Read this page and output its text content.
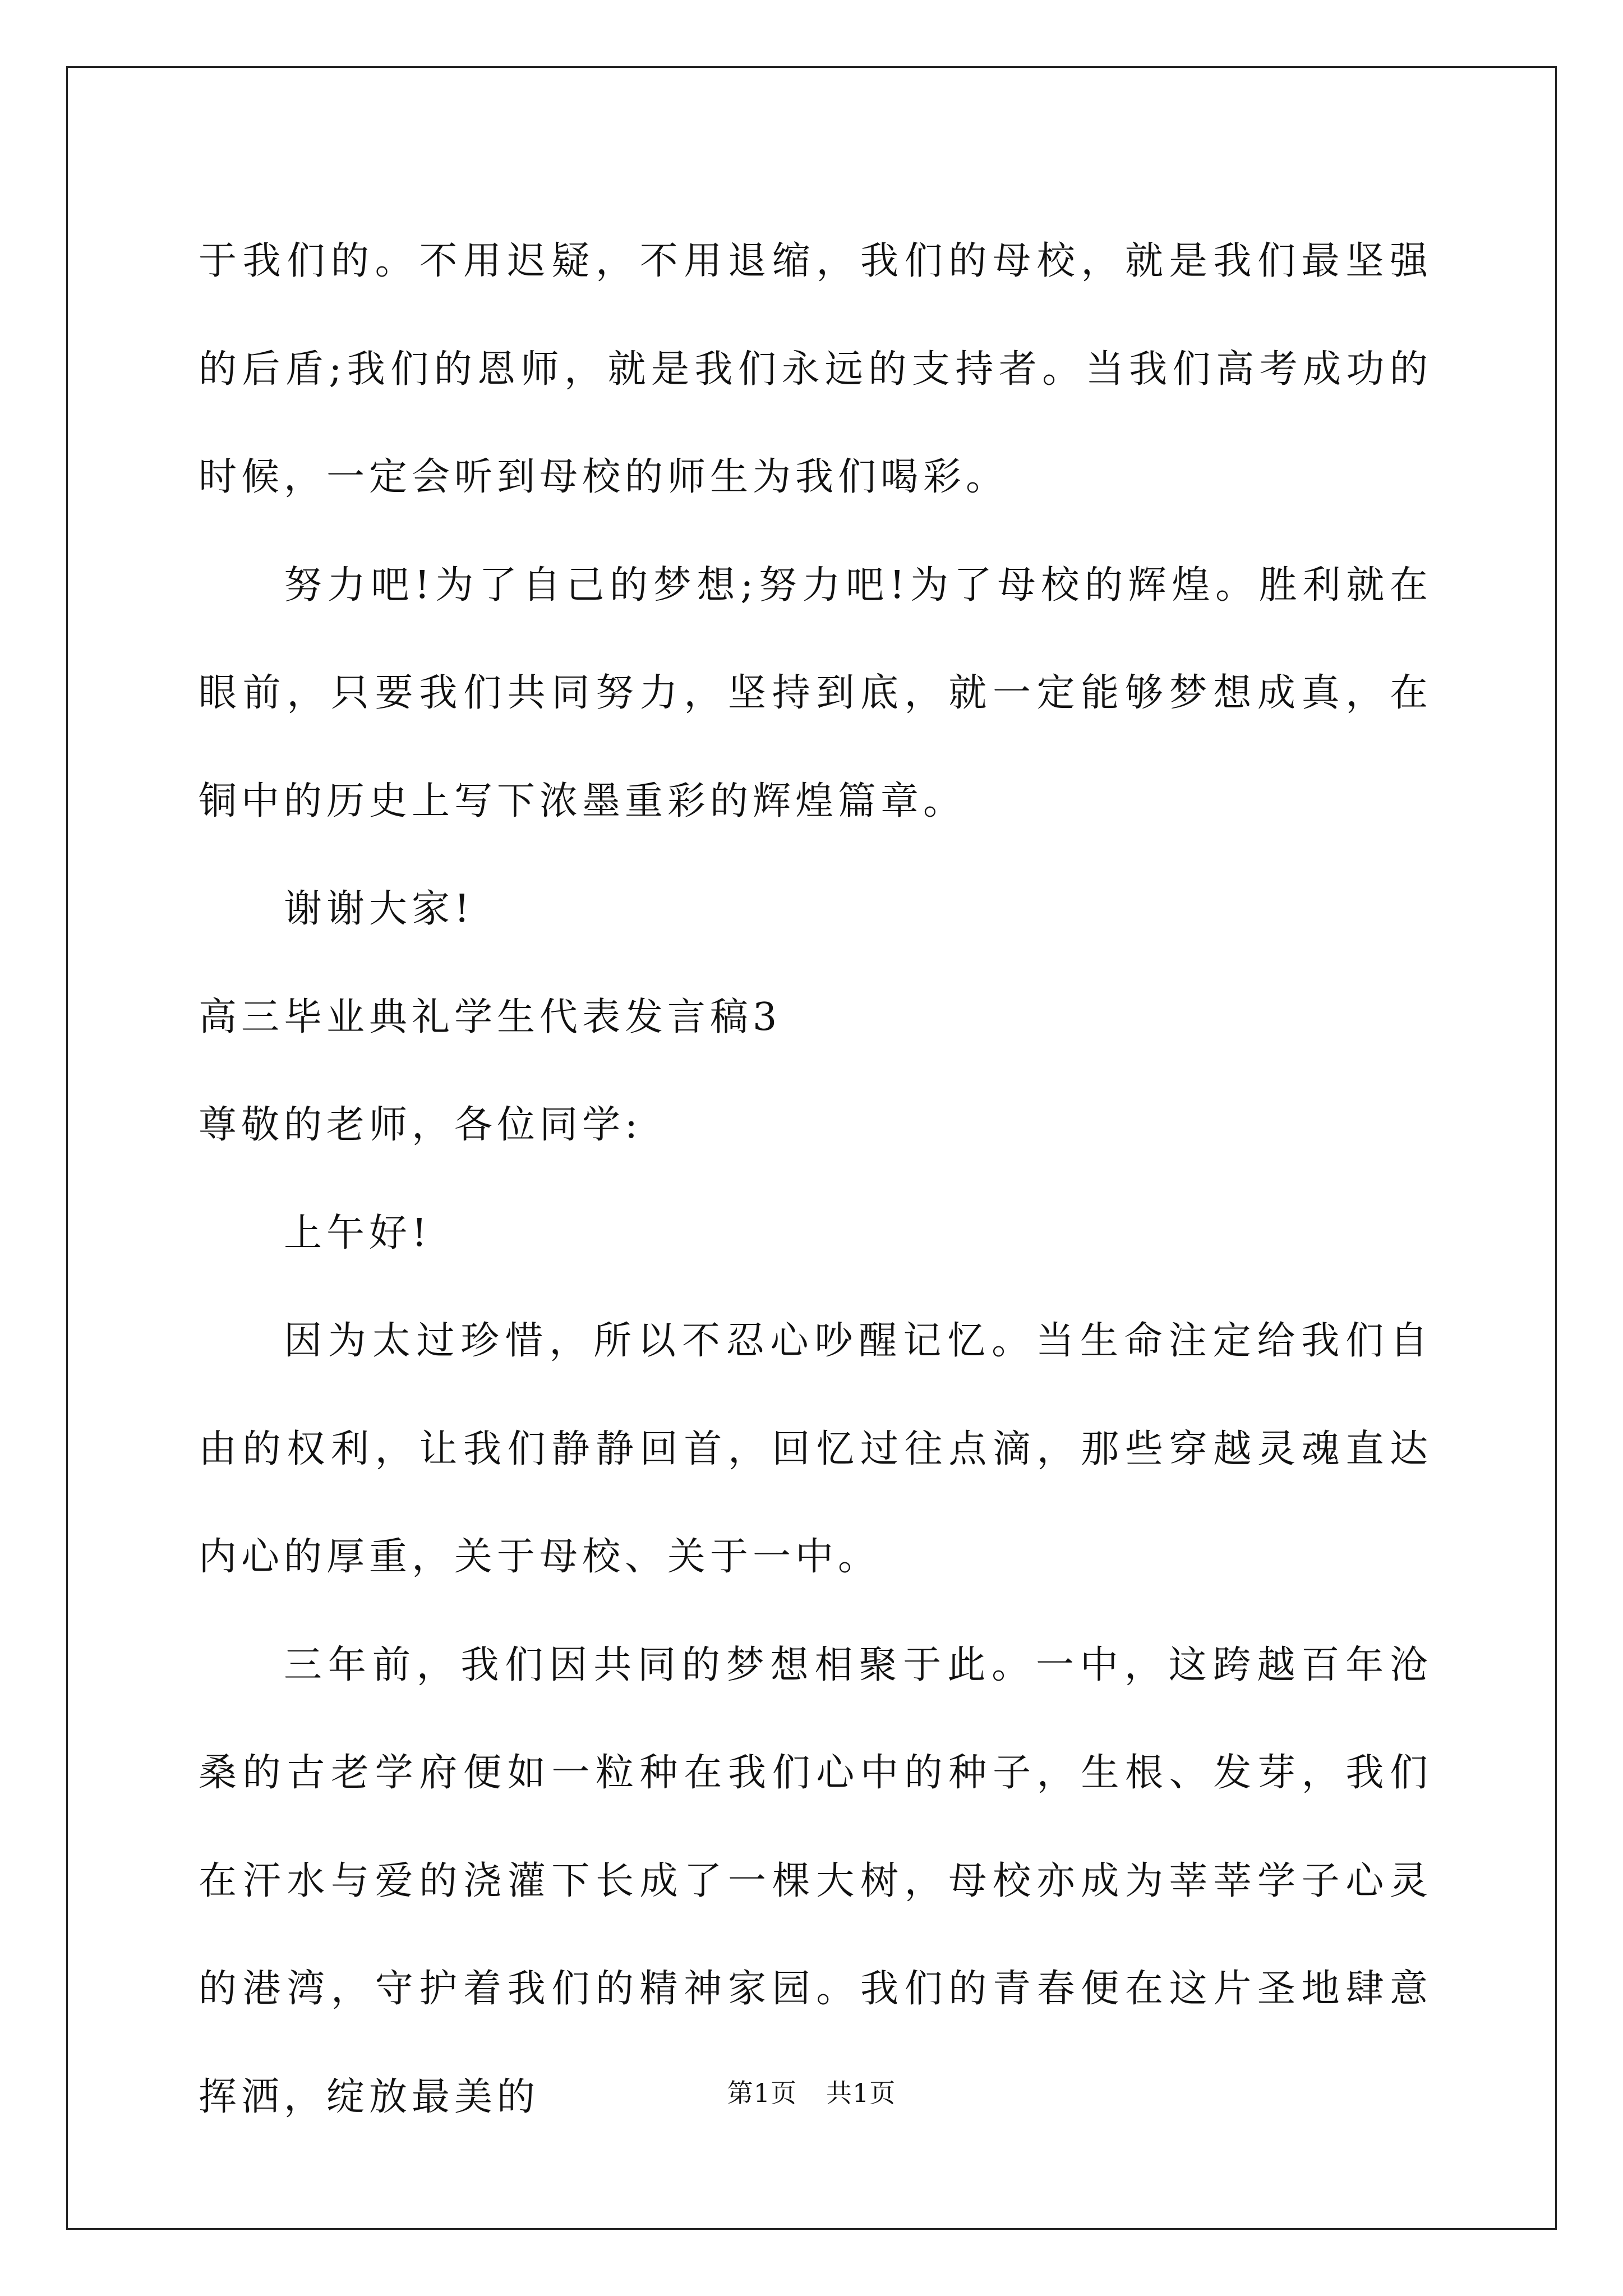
于我们的。不用迟疑，不用退缩，我们的母校，就是我们最坚强的后盾;我们的恩师，就是我们永远的支持者。当我们高考成功的时候，一定会听到母校的师生为我们喝彩。

努力吧!为了自己的梦想;努力吧!为了母校的辉煌。胜利就在眼前，只要我们共同努力，坚持到底，就一定能够梦想成真，在铜中的历史上写下浓墨重彩的辉煌篇章。

谢谢大家!

高三毕业典礼学生代表发言稿3

尊敬的老师，各位同学:

上午好!

因为太过珍惜，所以不忍心吵醒记忆。当生命注定给我们自由的权利，让我们静静回首，回忆过往点滴，那些穿越灵魂直达内心的厚重，关于母校、关于一中。

三年前，我们因共同的梦想相聚于此。一中，这跨越百年沧桑的古老学府便如一粒种在我们心中的种子，生根、发芽，我们在汗水与爱的浇灌下长成了一棵大树，母校亦成为莘莘学子心灵的港湾，守护着我们的精神家园。我们的青春便在这片圣地肆意挥洒，绽放最美的	第1页 共1页
